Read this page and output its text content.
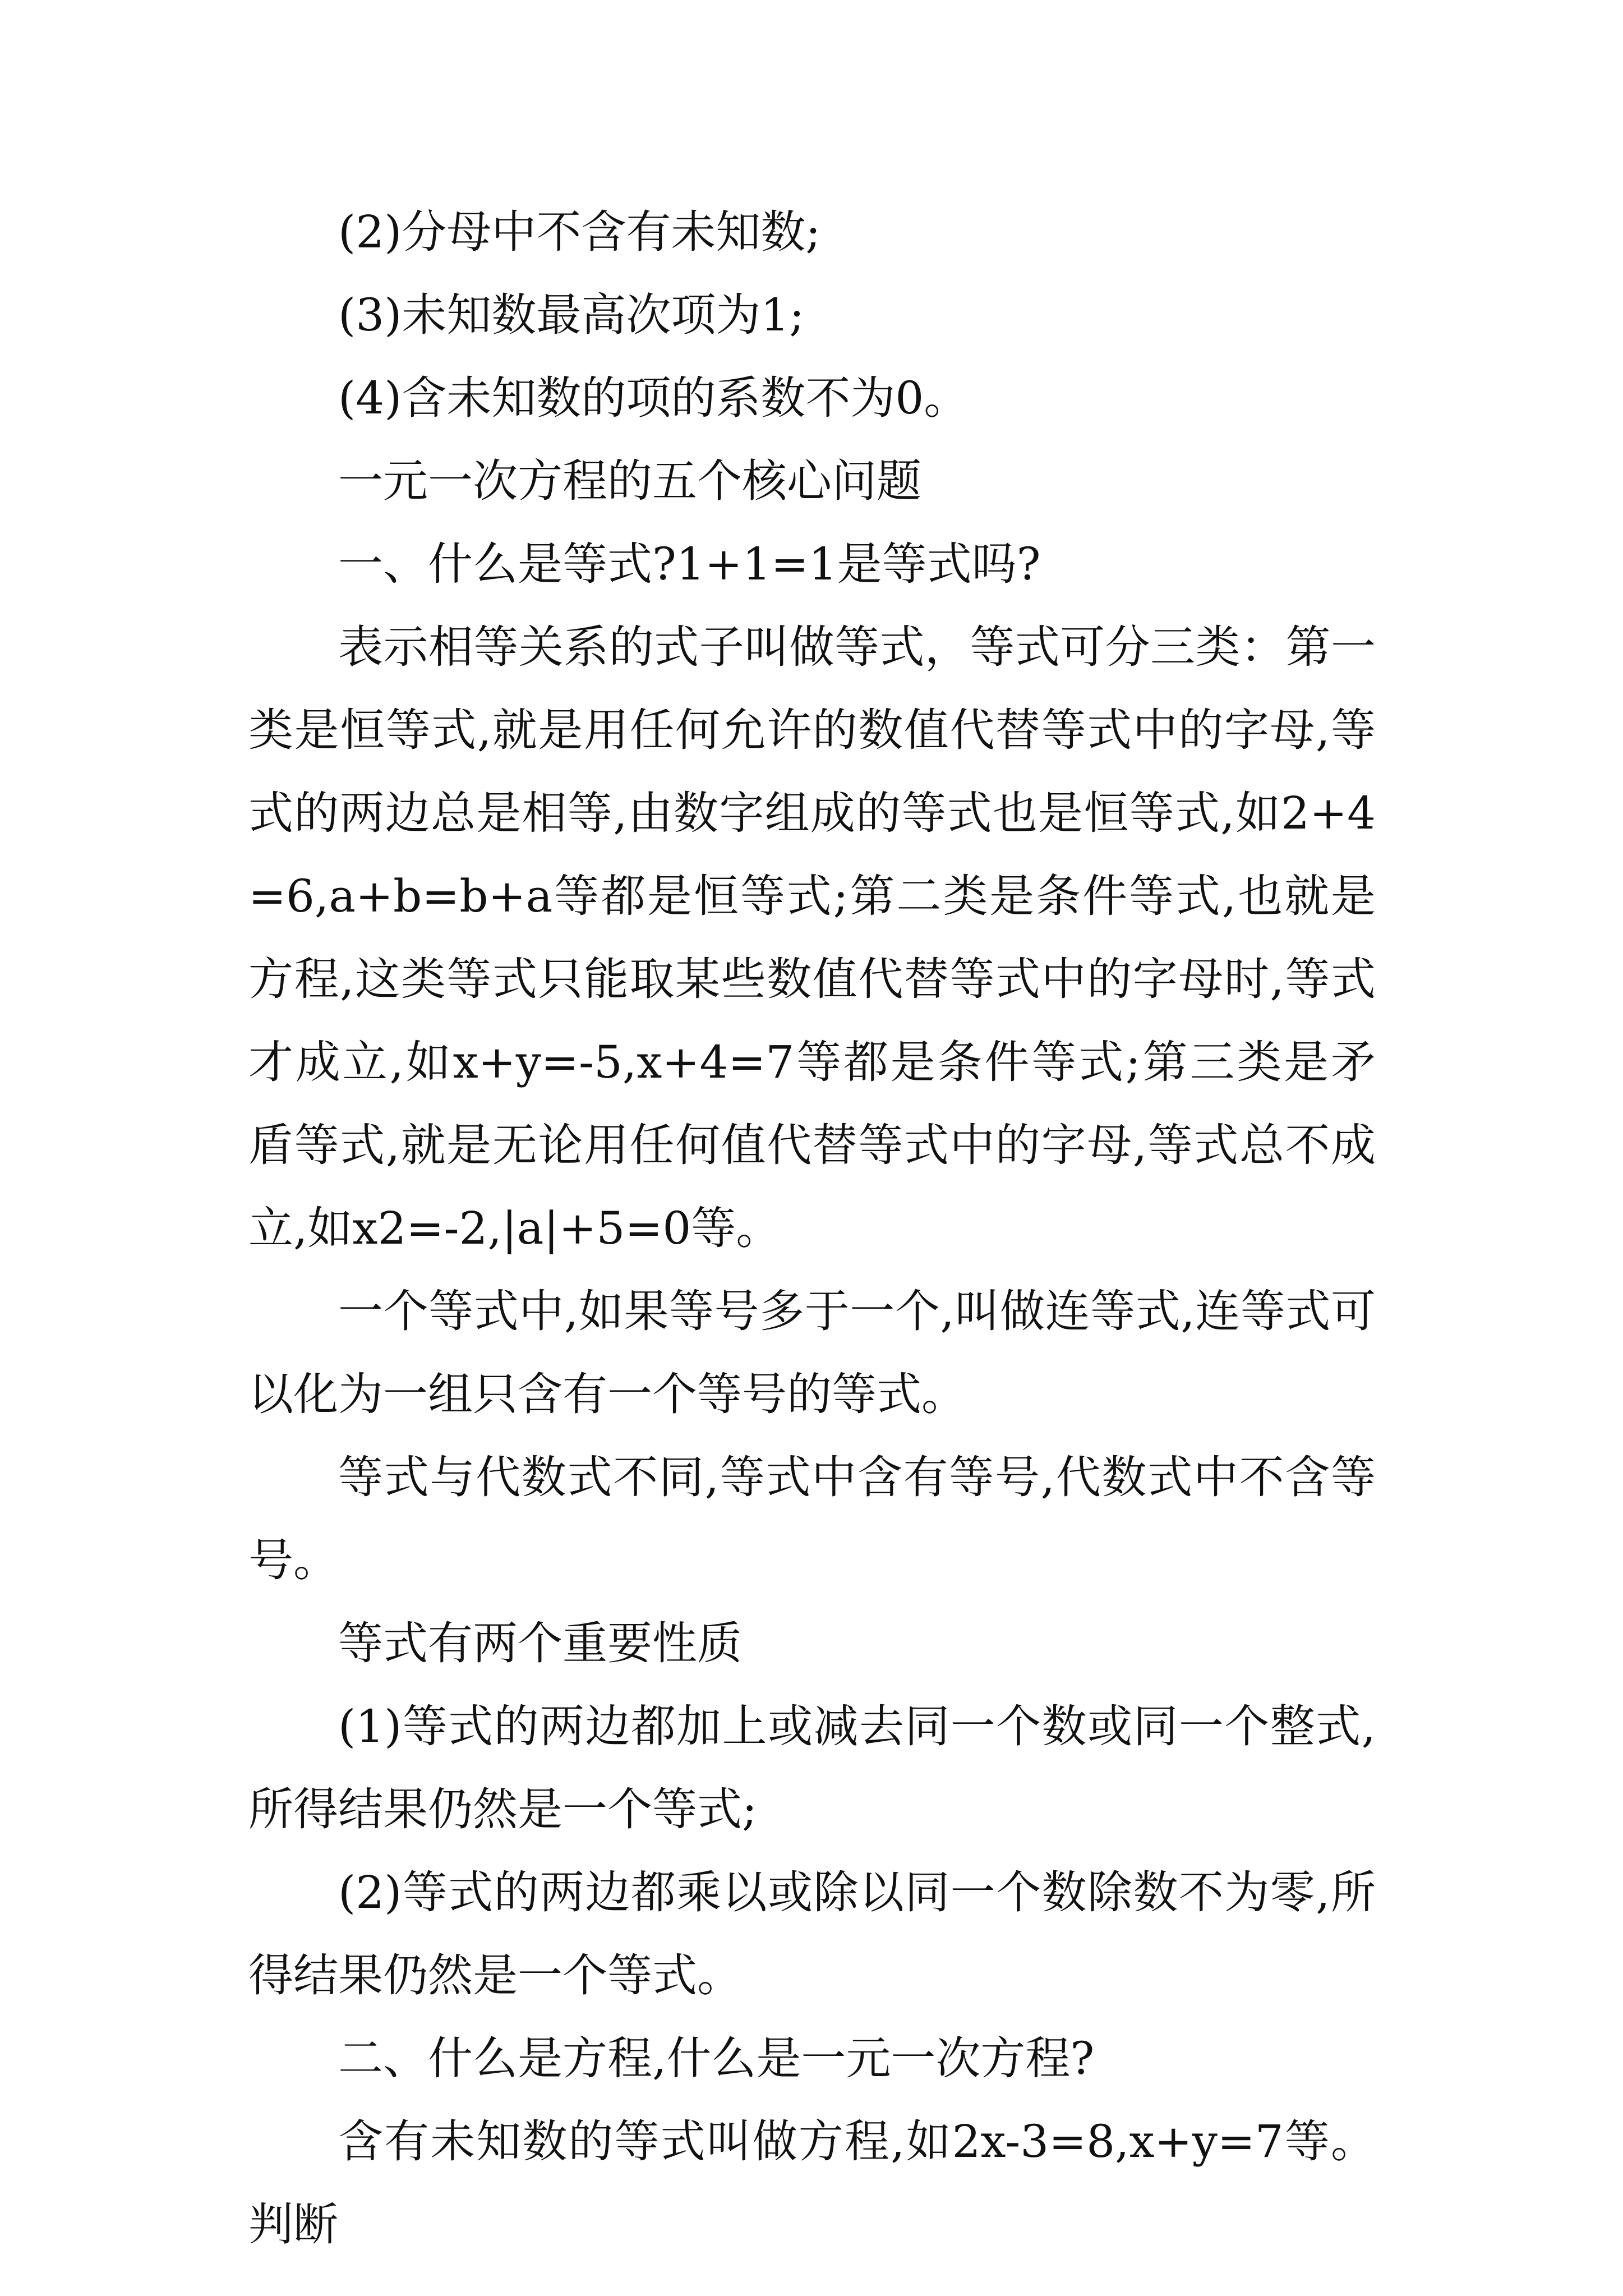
(2)分母中不含有未知数;

(3)未知数最高次项为1;

(4)含未知数的项的系数不为0。

一元一次方程的五个核心问题

一、什么是等式?1+1=1是等式吗?

表示相等关系的式子叫做等式，等式可分三类：第一类是恒等式,就是用任何允许的数值代替等式中的字母,等式的两边总是相等,由数字组成的等式也是恒等式,如2+4=6,a+b=b+a等都是恒等式;第二类是条件等式,也就是方程,这类等式只能取某些数值代替等式中的字母时,等式才成立,如x+y=-5,x+4=7等都是条件等式;第三类是矛盾等式,就是无论用任何值代替等式中的字母,等式总不成立,如x2=-2,|a|+5=0等。

一个等式中,如果等号多于一个,叫做连等式,连等式可以化为一组只含有一个等号的等式。

等式与代数式不同,等式中含有等号,代数式中不含等号。

等式有两个重要性质

(1)等式的两边都加上或减去同一个数或同一个整式,所得结果仍然是一个等式;

(2)等式的两边都乘以或除以同一个数除数不为零,所得结果仍然是一个等式。

二、什么是方程,什么是一元一次方程?

含有未知数的等式叫做方程,如2x-3=8,x+y=7等。判断
